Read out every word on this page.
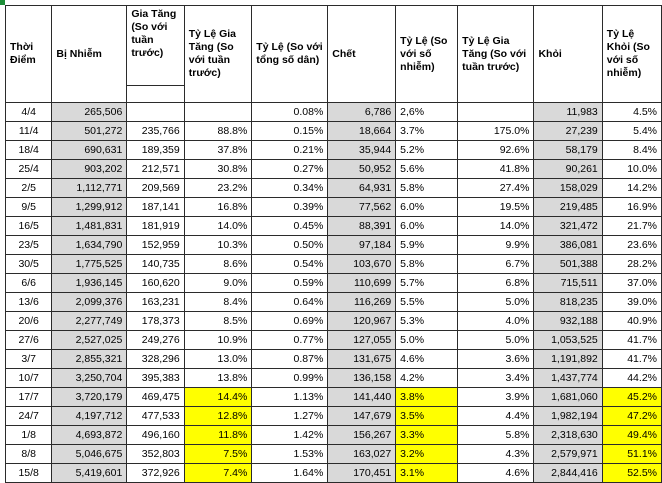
Thời Điểm	Bị Nhiễm	Gia Tăng (So với tuần trước)	Tỷ Lệ Gia Tăng (So với tuần trước)	Tỷ Lệ (So với tổng số dân)	Chết	Tỷ Lệ (So với số nhiễm)	Tỷ Lệ Gia Tăng (So với tuần trước)	Khỏi	Tỷ Lệ Khỏi (So với số nhiễm)
4/4	265,506			0.08%	6,786	2,6%		11,983	4.5%
11/4	501,272	235,766	88.8%	0.15%	18,664	3.7%	175.0%	27,239	5.4%
18/4	690,631	189,359	37.8%	0.21%	35,944	5.2%	92.6%	58,179	8.4%
25/4	903,202	212,571	30.8%	0.27%	50,952	5.6%	41.8%	90,261	10.0%
2/5	1,112,771	209,569	23.2%	0.34%	64,931	5.8%	27.4%	158,029	14.2%
9/5	1,299,912	187,141	16.8%	0.39%	77,562	6.0%	19.5%	219,485	16.9%
16/5	1,481,831	181,919	14.0%	0.45%	88,391	6.0%	14.0%	321,472	21.7%
23/5	1,634,790	152,959	10.3%	0.50%	97,184	5.9%	9.9%	386,081	23.6%
30/5	1,775,525	140,735	8.6%	0.54%	103,670	5.8%	6.7%	501,388	28.2%
6/6	1,936,145	160,620	9.0%	0.59%	110,699	5.7%	6.8%	715,511	37.0%
13/6	2,099,376	163,231	8.4%	0.64%	116,269	5.5%	5.0%	818,235	39.0%
20/6	2,277,749	178,373	8.5%	0.69%	120,967	5.3%	4.0%	932,188	40.9%
27/6	2,527,025	249,276	10.9%	0.77%	127,055	5.0%	5.0%	1,053,525	41.7%
3/7	2,855,321	328,296	13.0%	0.87%	131,675	4.6%	3.6%	1,191,892	41.7%
10/7	3,250,704	395,383	13.8%	0.99%	136,158	4.2%	3.4%	1,437,774	44.2%
17/7	3,720,179	469,475	14.4%	1.13%	141,440	3.8%	3.9%	1,681,060	45.2%
24/7	4,197,712	477,533	12.8%	1.27%	147,679	3.5%	4.4%	1,982,194	47.2%
1/8	4,693,872	496,160	11.8%	1.42%	156,267	3.3%	5.8%	2,318,630	49.4%
8/8	5,046,675	352,803	7.5%	1.53%	163,027	3.2%	4.3%	2,579,971	51.1%
15/8	5,419,601	372,926	7.4%	1.64%	170,451	3.1%	4.6%	2,844,416	52.5%
